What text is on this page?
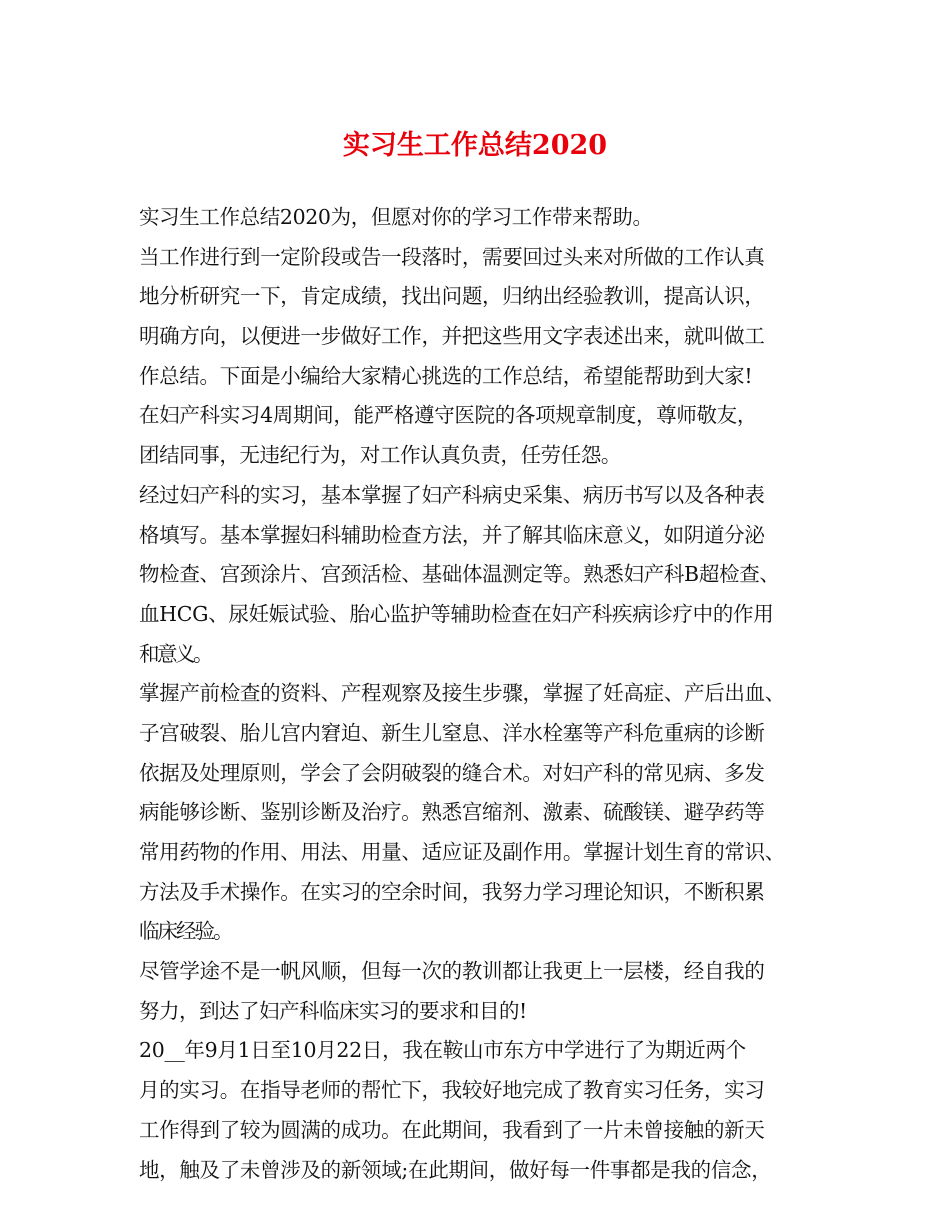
实习生工作总结2020
实习生工作总结2020为，但愿对你的学习工作带来帮助。
当工作进行到一定阶段或告一段落时，需要回过头来对所做的工作认真
地分析研究一下，肯定成绩，找出问题，归纳出经验教训，提高认识，
明确方向，以便进一步做好工作，并把这些用文字表述出来，就叫做工
作总结。下面是小编给大家精心挑选的工作总结，希望能帮助到大家!
在妇产科实习4周期间，能严格遵守医院的各项规章制度，尊师敬友，
团结同事，无违纪行为，对工作认真负责，任劳任怨。
经过妇产科的实习，基本掌握了妇产科病史采集、病历书写以及各种表
格填写。基本掌握妇科辅助检查方法，并了解其临床意义，如阴道分泌
物检查、宫颈涂片、宫颈活检、基础体温测定等。熟悉妇产科B超检查、
血HCG、尿妊娠试验、胎心监护等辅助检查在妇产科疾病诊疗中的作用
和意义。
掌握产前检查的资料、产程观察及接生步骤，掌握了妊高症、产后出血、
子宫破裂、胎儿宫内窘迫、新生儿窒息、洋水栓塞等产科危重病的诊断
依据及处理原则，学会了会阴破裂的缝合术。对妇产科的常见病、多发
病能够诊断、鉴别诊断及治疗。熟悉宫缩剂、激素、硫酸镁、避孕药等
常用药物的作用、用法、用量、适应证及副作用。掌握计划生育的常识、
方法及手术操作。在实习的空余时间，我努力学习理论知识，不断积累
临床经验。
尽管学途不是一帆风顺，但每一次的教训都让我更上一层楼，经自我的
努力，到达了妇产科临床实习的要求和目的!
20__年9月1日至10月22日，我在鞍山市东方中学进行了为期近两个
月的实习。在指导老师的帮忙下，我较好地完成了教育实习任务，实习
工作得到了较为圆满的成功。在此期间，我看到了一片未曾接触的新天
地，触及了未曾涉及的新领域;在此期间，做好每一件事都是我的信念，
